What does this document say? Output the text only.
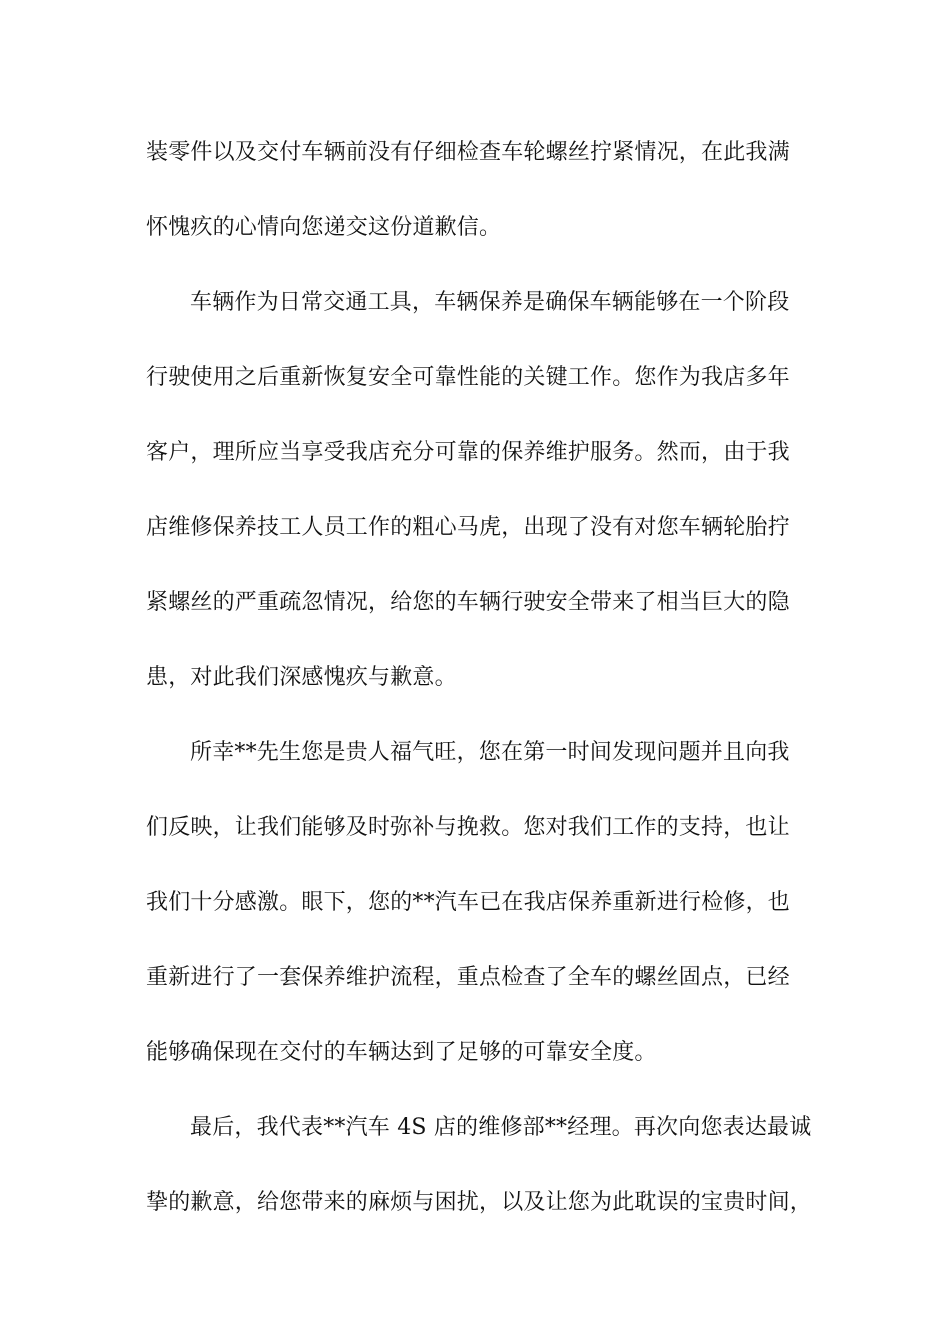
装零件以及交付车辆前没有仔细检查车轮螺丝拧紧情况，在此我满
怀愧疚的心情向您递交这份道歉信。
车辆作为日常交通工具，车辆保养是确保车辆能够在一个阶段
行驶使用之后重新恢复安全可靠性能的关键工作。您作为我店多年
客户，理所应当享受我店充分可靠的保养维护服务。然而，由于我
店维修保养技工人员工作的粗心马虎，出现了没有对您车辆轮胎拧
紧螺丝的严重疏忽情况，给您的车辆行驶安全带来了相当巨大的隐
患，对此我们深感愧疚与歉意。
所幸**先生您是贵人福气旺，您在第一时间发现问题并且向我
们反映，让我们能够及时弥补与挽救。您对我们工作的支持，也让
我们十分感激。眼下，您的**汽车已在我店保养重新进行检修，也
重新进行了一套保养维护流程，重点检查了全车的螺丝固点，已经
能够确保现在交付的车辆达到了足够的可靠安全度。
最后，我代表**汽车 4S 店的维修部**经理。再次向您表达最诚
挚的歉意，给您带来的麻烦与困扰，以及让您为此耽误的宝贵时间，
